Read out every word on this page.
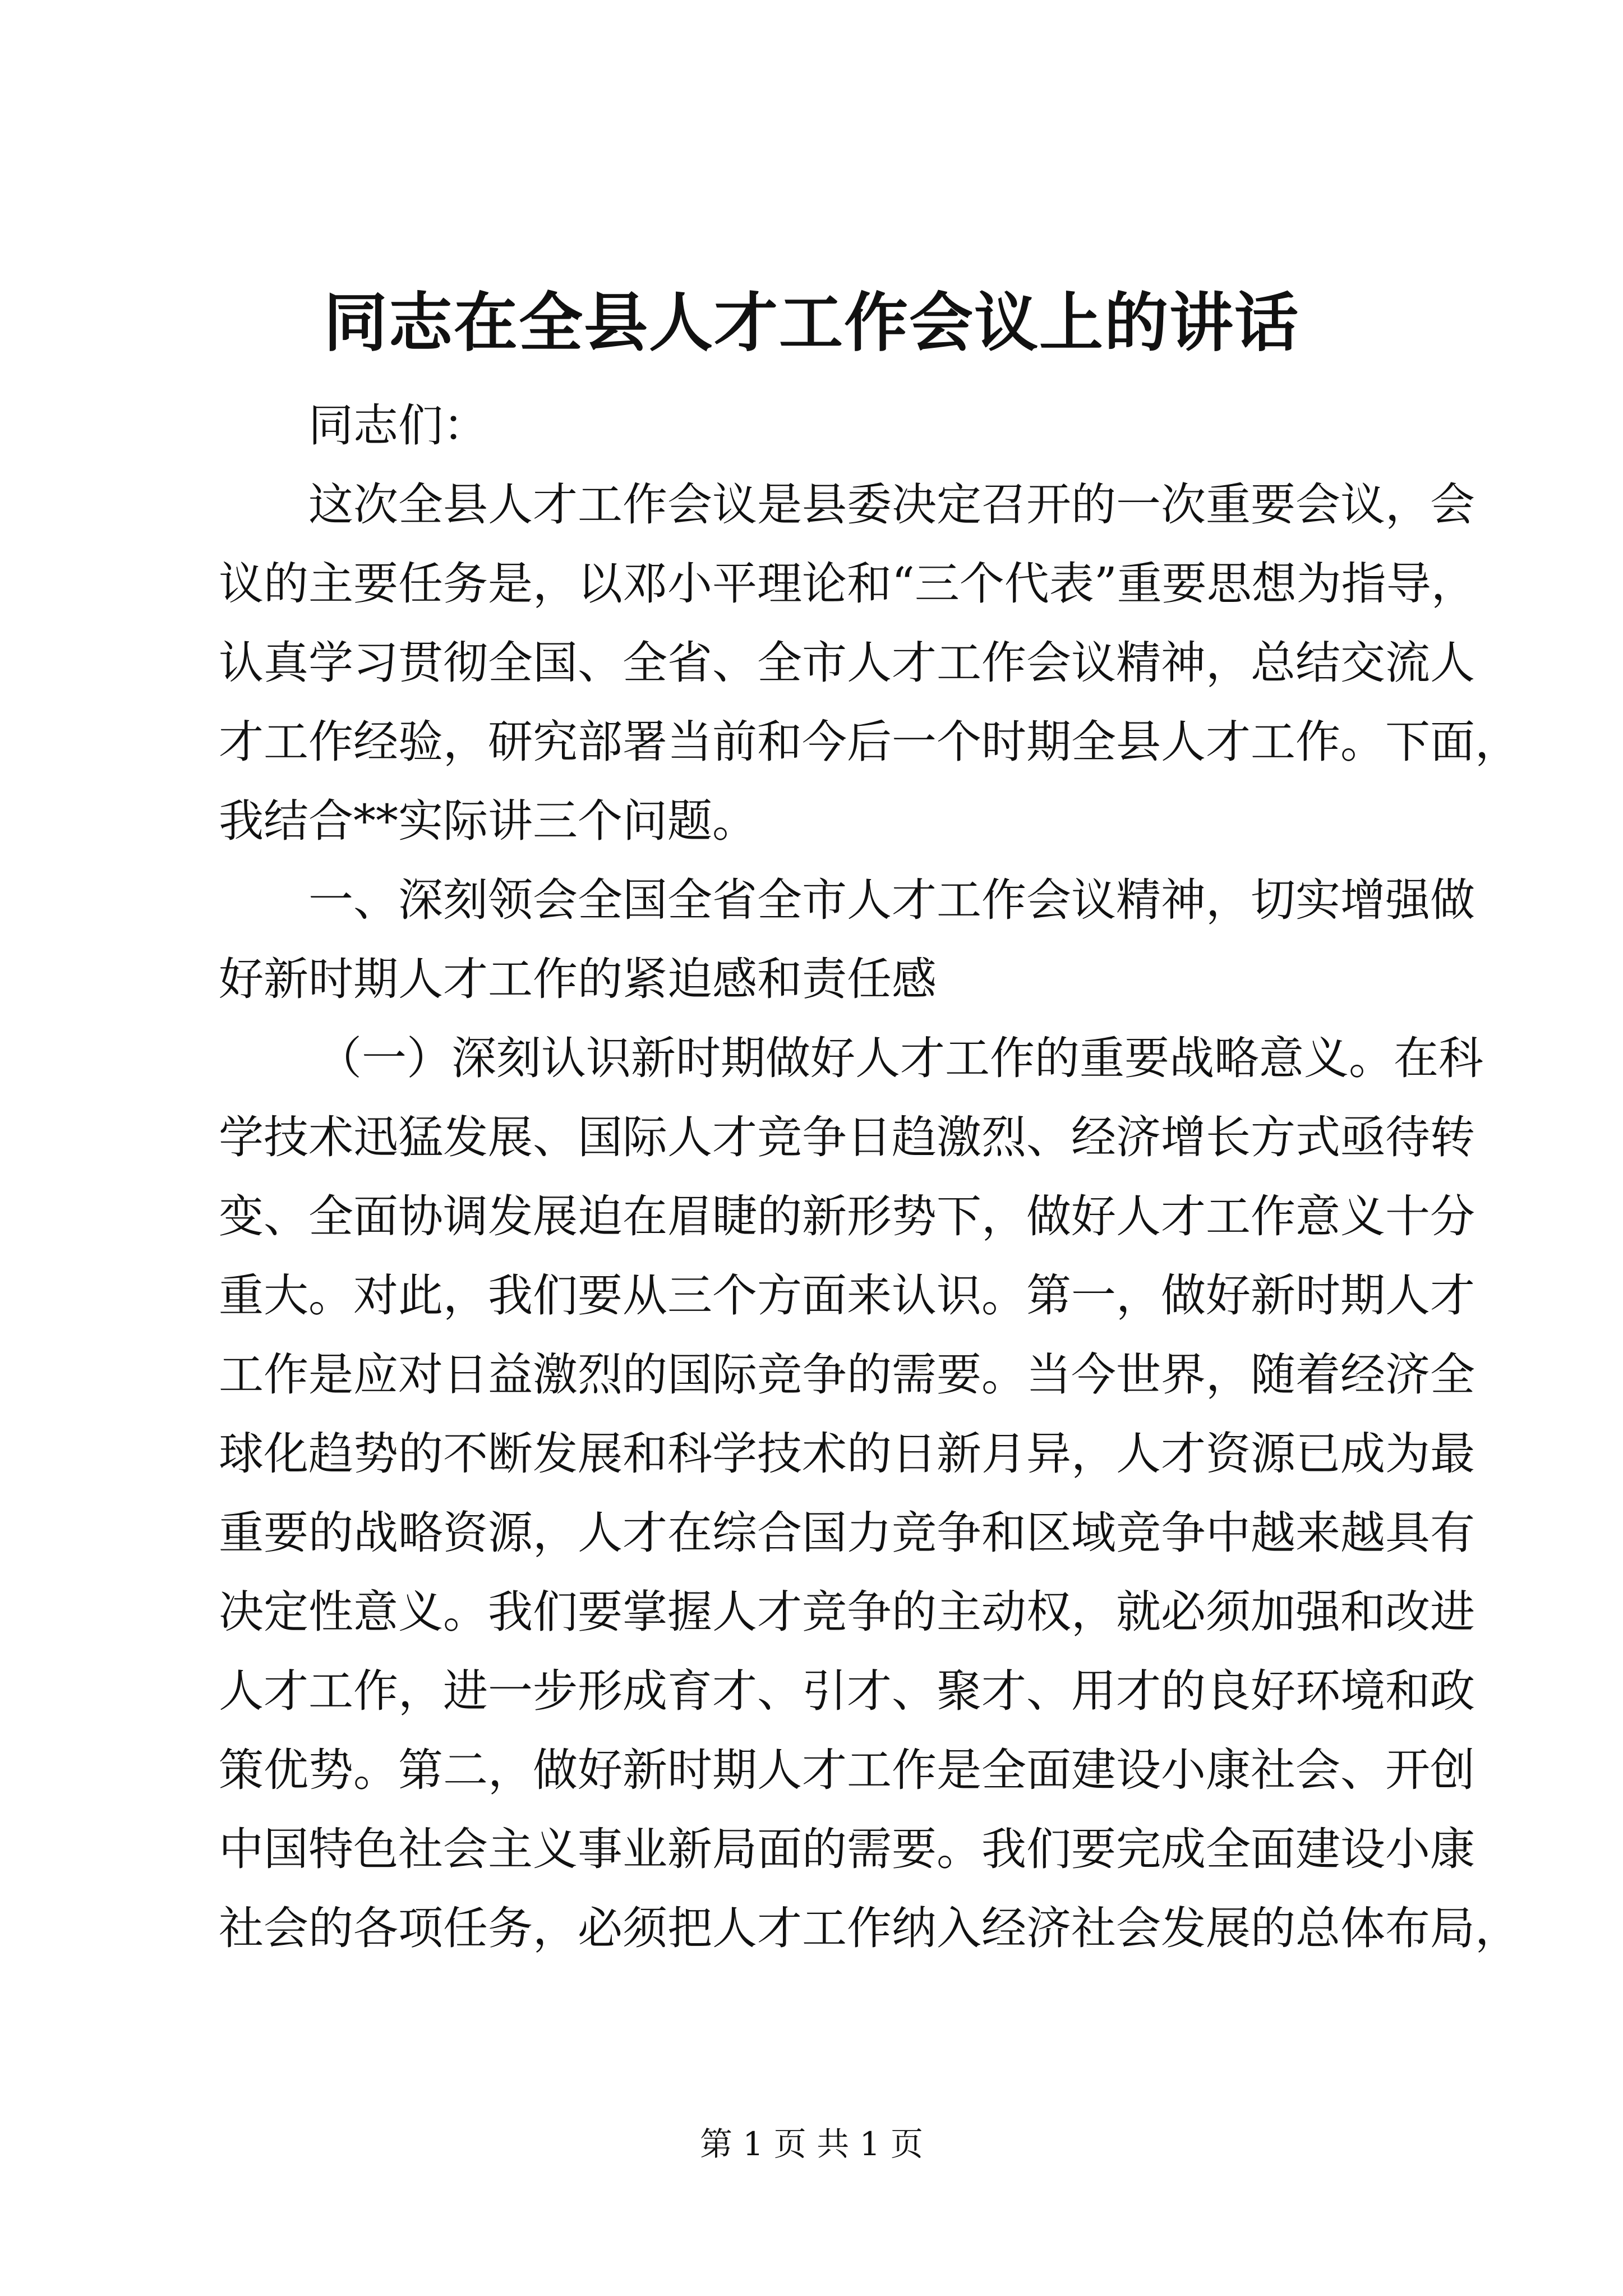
同志在全县人才工作会议上的讲话
同志们：
这次全县人才工作会议是县委决定召开的一次重要会议，会
议的主要任务是，以邓小平理论和“三个代表”重要思想为指导，
认真学习贯彻全国、全省、全市人才工作会议精神，总结交流人
才工作经验，研究部署当前和今后一个时期全县人才工作。下面，
我结合**实际讲三个问题。
一、深刻领会全国全省全市人才工作会议精神，切实增强做
好新时期人才工作的紧迫感和责任感
（一）深刻认识新时期做好人才工作的重要战略意义。在科
学技术迅猛发展、国际人才竞争日趋激烈、经济增长方式亟待转
变、全面协调发展迫在眉睫的新形势下，做好人才工作意义十分
重大。对此，我们要从三个方面来认识。第一，做好新时期人才
工作是应对日益激烈的国际竞争的需要。当今世界，随着经济全
球化趋势的不断发展和科学技术的日新月异，人才资源已成为最
重要的战略资源，人才在综合国力竞争和区域竞争中越来越具有
决定性意义。我们要掌握人才竞争的主动权，就必须加强和改进
人才工作，进一步形成育才、引才、聚才、用才的良好环境和政
策优势。第二，做好新时期人才工作是全面建设小康社会、开创
中国特色社会主义事业新局面的需要。我们要完成全面建设小康
社会的各项任务，必须把人才工作纳入经济社会发展的总体布局，
第 1 页 共 1 页
